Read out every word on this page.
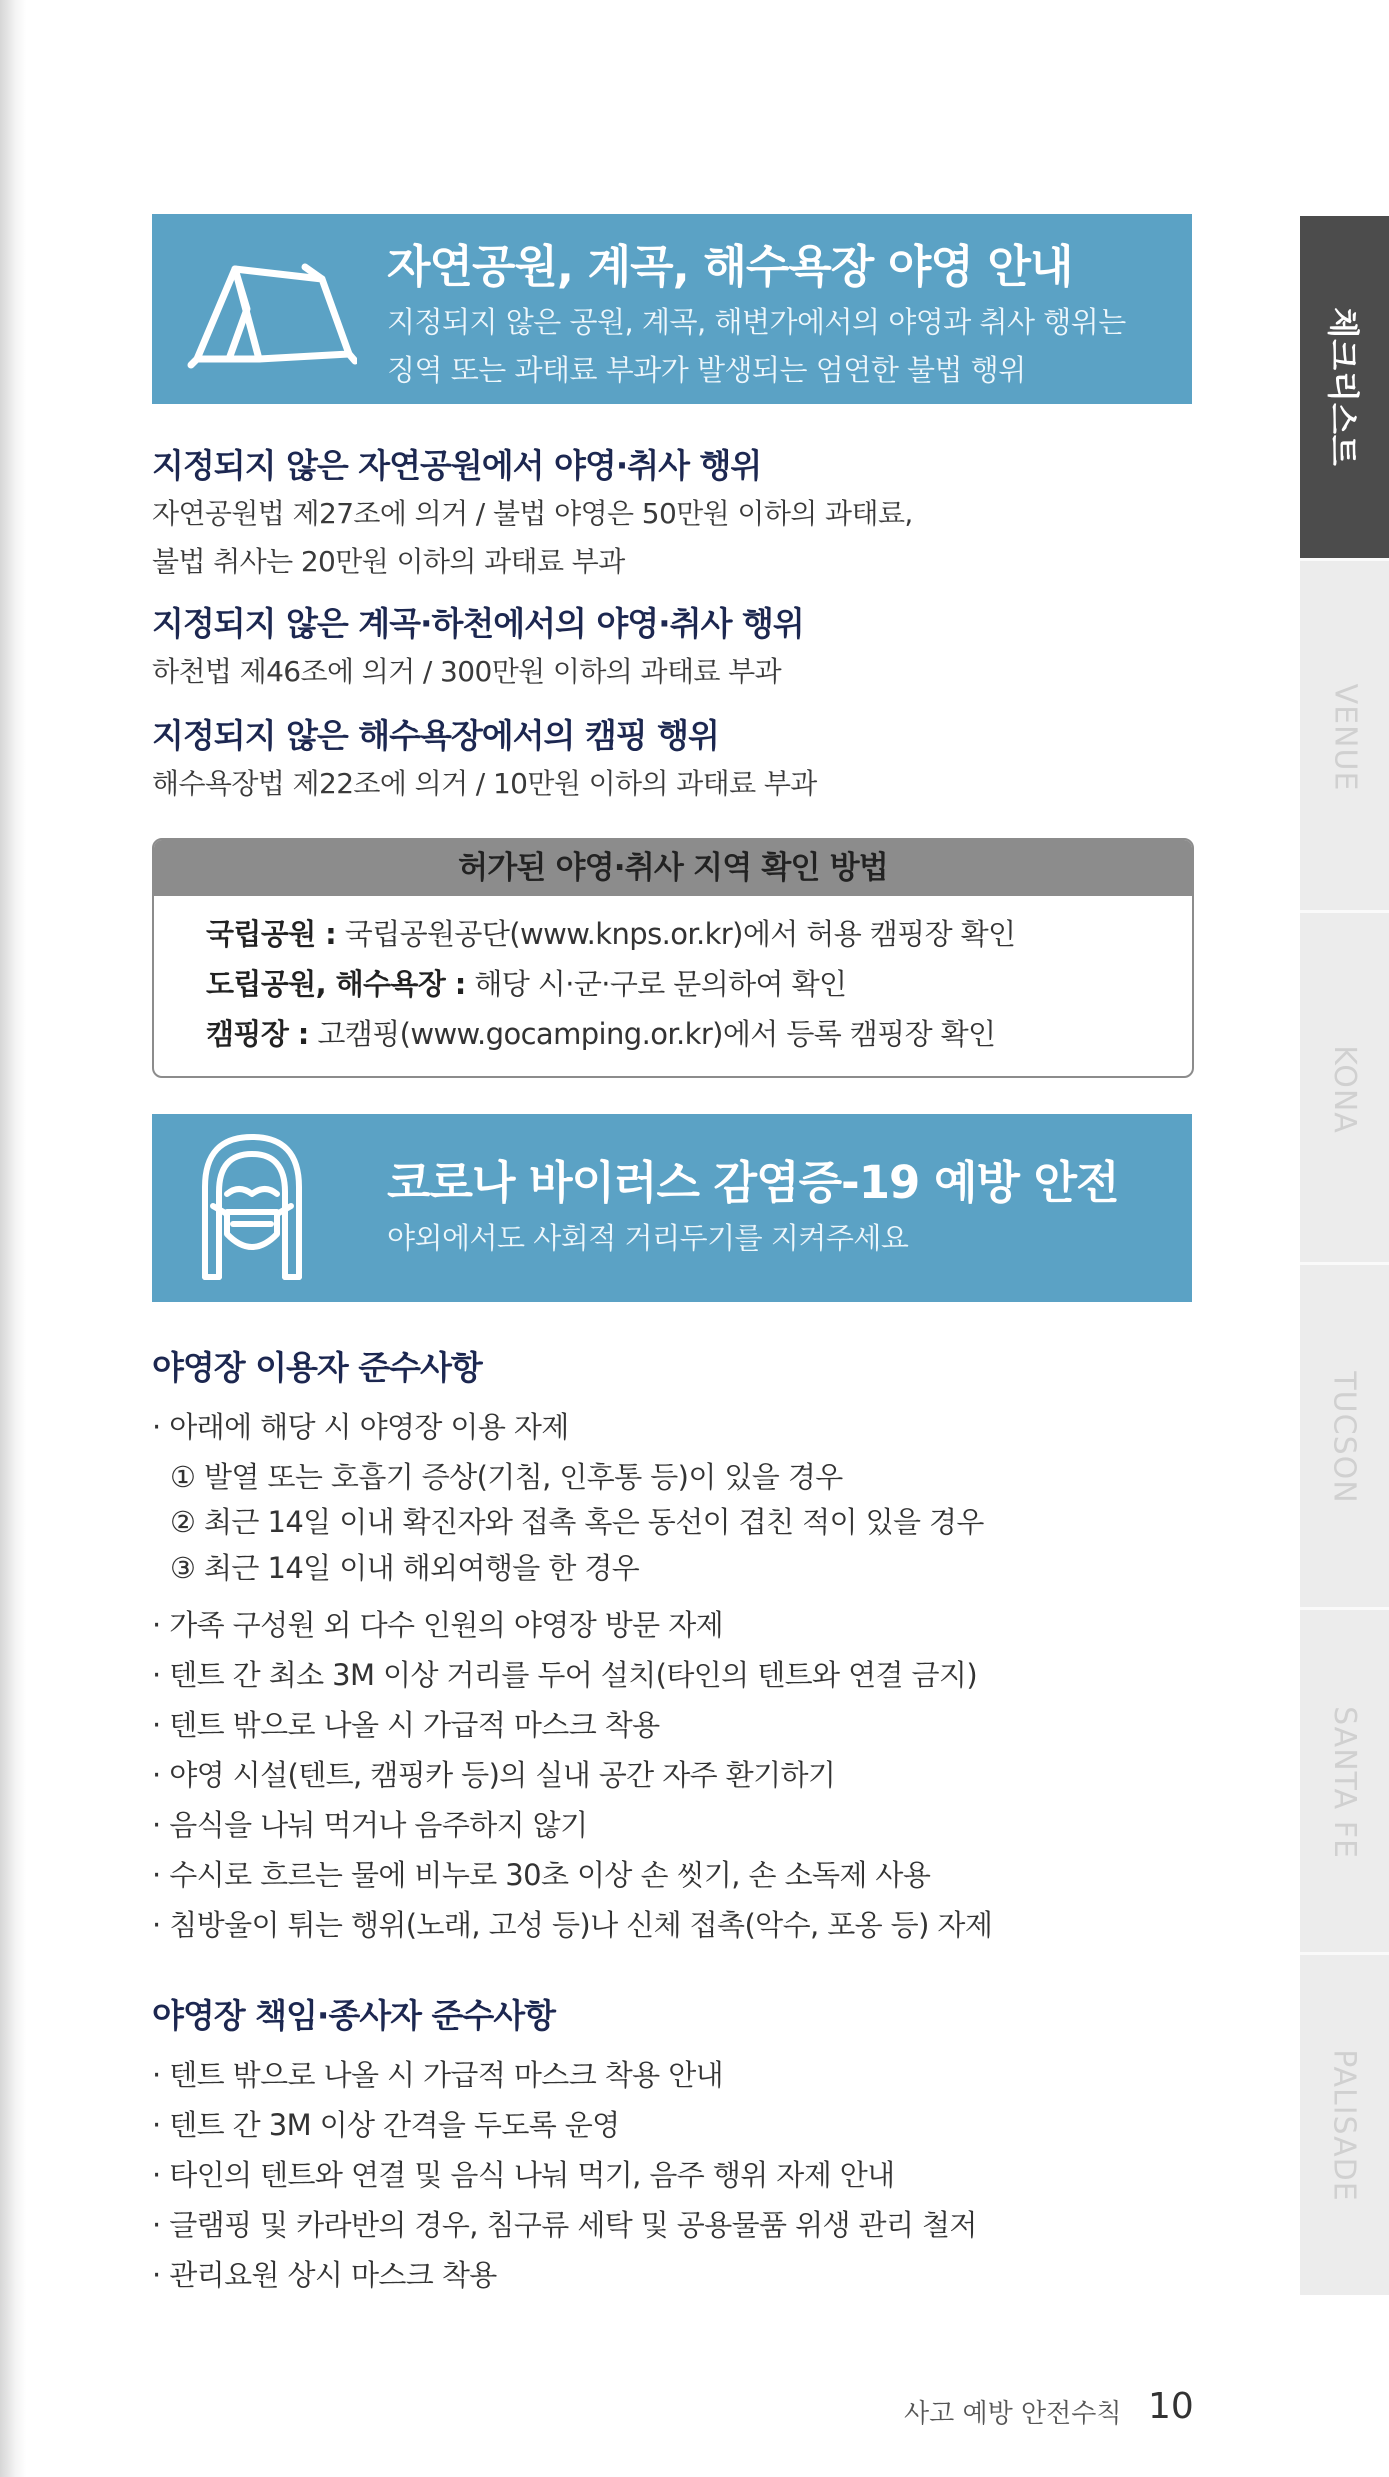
자연공원, 계곡, 해수욕장 야영 안내
지정되지 않은 공원, 계곡, 해변가에서의 야영과 취사 행위는
징역 또는 과태료 부과가 발생되는 엄연한 불법 행위
지정되지 않은 자연공원에서 야영·취사 행위
자연공원법 제27조에 의거 / 불법 야영은 50만원 이하의 과태료,
불법 취사는 20만원 이하의 과태료 부과
지정되지 않은 계곡·하천에서의 야영·취사 행위
하천법 제46조에 의거 / 300만원 이하의 과태료 부과
지정되지 않은 해수욕장에서의 캠핑 행위
해수욕장법 제22조에 의거 / 10만원 이하의 과태료 부과
허가된 야영·취사 지역 확인 방법
국립공원 : 국립공원공단(www.knps.or.kr)에서 허용 캠핑장 확인
도립공원, 해수욕장 : 해당 시·군·구로 문의하여 확인
캠핑장 : 고캠핑(www.gocamping.or.kr)에서 등록 캠핑장 확인
코로나 바이러스 감염증-19 예방 안전
야외에서도 사회적 거리두기를 지켜주세요
야영장 이용자 준수사항
· 아래에 해당 시 야영장 이용 자제
① 발열 또는 호흡기 증상(기침, 인후통 등)이 있을 경우
② 최근 14일 이내 확진자와 접촉 혹은 동선이 겹친 적이 있을 경우
③ 최근 14일 이내 해외여행을 한 경우
· 가족 구성원 외 다수 인원의 야영장 방문 자제
· 텐트 간 최소 3M 이상 거리를 두어 설치(타인의 텐트와 연결 금지)
· 텐트 밖으로 나올 시 가급적 마스크 착용
· 야영 시설(텐트, 캠핑카 등)의 실내 공간 자주 환기하기
· 음식을 나눠 먹거나 음주하지 않기
· 수시로 흐르는 물에 비누로 30초 이상 손 씻기, 손 소독제 사용
· 침방울이 튀는 행위(노래, 고성 등)나 신체 접촉(악수, 포옹 등) 자제
야영장 책임·종사자 준수사항
· 텐트 밖으로 나올 시 가급적 마스크 착용 안내
· 텐트 간 3M 이상 간격을 두도록 운영
· 타인의 텐트와 연결 및 음식 나눠 먹기, 음주 행위 자제 안내
· 글램핑 및 카라반의 경우, 침구류 세탁 및 공용물품 위생 관리 철저
· 관리요원 상시 마스크 착용
체크리스트
VENUE
KONA
TUCSON
SANTA FE
PALISADE
사고 예방 안전수칙 10
